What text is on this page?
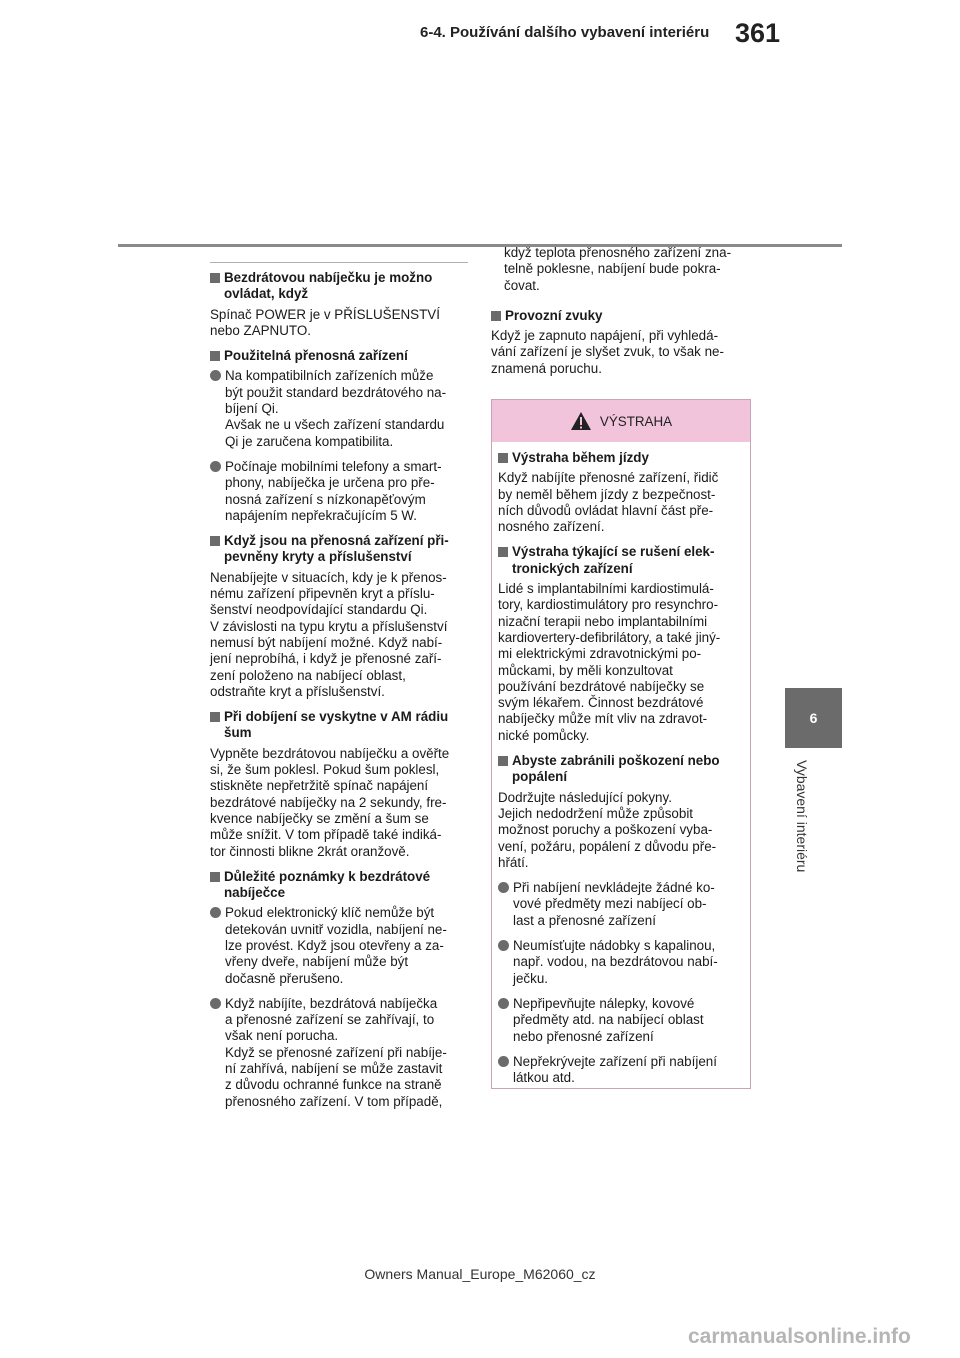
6-4. Používání dalšího vybavení interiéru 361
6
Vybavení interiéru
Bezdrátovou nabíječku je možno ovládat, když
Spínač POWER je v PŘÍSLUŠENSTVÍ
nebo ZAPNUTO.
Použitelná přenosná zařízení
Na kompatibilních zařízeních může
být použit standard bezdrátového na-
bíjení Qi.
Avšak ne u všech zařízení standardu
Qi je zaručena kompatibilita.
Počínaje mobilními telefony a smart-
phony, nabíječka je určena pro pře-
nosná zařízení s nízkonapěťovým
napájením nepřekračujícím 5 W.
Když jsou na přenosná zařízení při-
pevněny kryty a příslušenství
Nenabíjejte v situacích, kdy je k přenos-
nému zařízení připevněn kryt a příslu-
šenství neodpovídající standardu Qi.
V závislosti na typu krytu a příslušenství
nemusí být nabíjení možné. Když nabí-
jení neprobíhá, i když je přenosné zaří-
zení položeno na nabíjecí oblast,
odstraňte kryt a příslušenství.
Při dobíjení se vyskytne v AM rádiu
šum
Vypněte bezdrátovou nabíječku a ověřte
si, že šum poklesl. Pokud šum poklesl,
stiskněte nepřetržitě spínač napájení
bezdrátové nabíječky na 2 sekundy, fre-
kvence nabíječky se změní a šum se
může snížit. V tom případě také indiká-
tor činnosti blikne 2krát oranžově.
Důležité poznámky k bezdrátové
nabíječce
Pokud elektronický klíč nemůže být
detekován uvnitř vozidla, nabíjení ne-
lze provést. Když jsou otevřeny a za-
vřeny dveře, nabíjení může být
dočasně přerušeno.
Když nabíjíte, bezdrátová nabíječka
a přenosné zařízení se zahřívají, to
však není porucha.
Když se přenosné zařízení při nabíje-
ní zahřívá, nabíjení se může zastavit
z důvodu ochranné funkce na straně
přenosného zařízení. V tom případě,
když teplota přenosného zařízení zna-
telně poklesne, nabíjení bude pokra-
čovat.
Provozní zvuky
Když je zapnuto napájení, při vyhledá-
vání zařízení je slyšet zvuk, to však ne-
znamená poruchu.
VÝSTRAHA
Výstraha během jízdy
Když nabíjíte přenosné zařízení, řidič
by neměl během jízdy z bezpečnost-
ních důvodů ovládat hlavní část pře-
nosného zařízení.
Výstraha týkající se rušení elek-
tronických zařízení
Lidé s implantabilními kardiostimulá-
tory, kardiostimulátory pro resynchro-
nizační terapii nebo implantabilními
kardiovertery-defibrilátory, a také jiný-
mi elektrickými zdravotnickými po-
můckami, by měli konzultovat
používání bezdrátové nabíječky se
svým lékařem. Činnost bezdrátové
nabíječky může mít vliv na zdravot-
nické pomůcky.
Abyste zabránili poškození nebo
popálení
Dodržujte následující pokyny.
Jejich nedodržení může způsobit
možnost poruchy a poškození vyba-
vení, požáru, popálení z důvodu pře-
hřátí.
Při nabíjení nevkládejte žádné ko-
vové předměty mezi nabíjecí ob-
last a přenosné zařízení
Neumísťujte nádobky s kapalinou,
např. vodou, na bezdrátovou nabí-
ječku.
Nepřipevňujte nálepky, kovové
předměty atd. na nabíjecí oblast
nebo přenosné zařízení
Nepřekrývejte zařízení při nabíjení
látkou atd.
Owners Manual_Europe_M62060_cz
carmanualsonline.info
